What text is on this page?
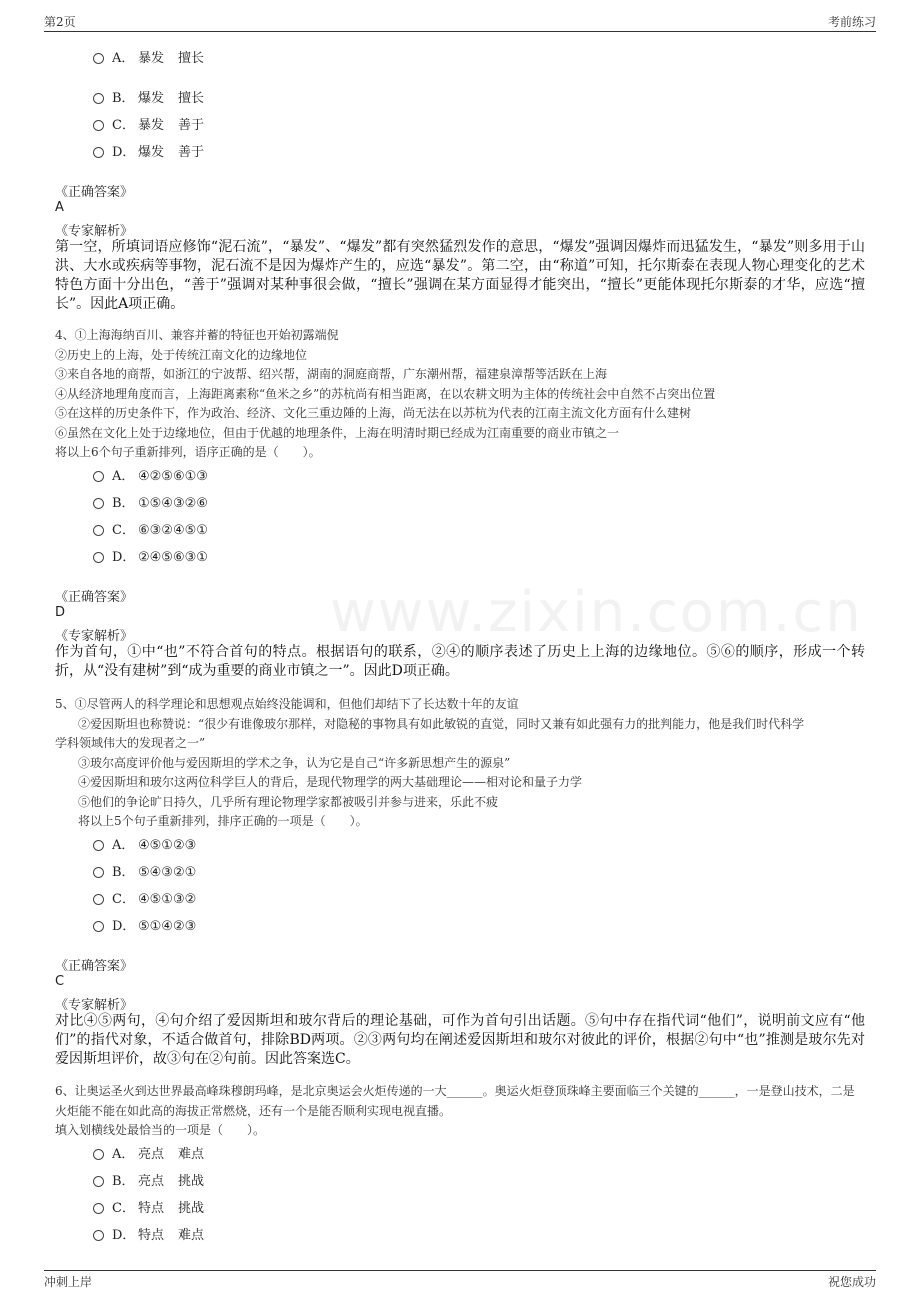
第2页	考前练习
www.zixin.com.cn
A． 暴发 擅长
B． 爆发 擅长
C． 暴发 善于
D． 爆发 善于
《正确答案》
A
《专家解析》
第一空，所填词语应修饰“泥石流”，“暴发”、“爆发”都有突然猛烈发作的意思，“爆发”强调因爆炸而迅猛发生，“暴发”则多用于山洪、大水或疾病等事物，泥石流不是因为爆炸产生的，应选“暴发”。第二空，由“称道”可知，托尔斯泰在表现人物心理变化的艺术特色方面十分出色，“善于”强调对某种事很会做，“擅长”强调在某方面显得才能突出，“擅长”更能体现托尔斯泰的才华，应选“擅长”。因此A项正确。
4、①上海海纳百川、兼容并蓄的特征也开始初露端倪
②历史上的上海，处于传统江南文化的边缘地位
③来自各地的商帮，如浙江的宁波帮、绍兴帮，湖南的洞庭商帮，广东潮州帮，福建泉漳帮等活跃在上海
④从经济地理角度而言，上海距离素称“鱼米之乡”的苏杭尚有相当距离，在以农耕文明为主体的传统社会中自然不占突出位置
⑤在这样的历史条件下，作为政治、经济、文化三重边陲的上海，尚无法在以苏杭为代表的江南主流文化方面有什么建树
⑥虽然在文化上处于边缘地位，但由于优越的地理条件，上海在明清时期已经成为江南重要的商业市镇之一
将以上6个句子重新排列，语序正确的是（　　）。
A． ④②⑤⑥①③
B． ①⑤④③②⑥
C． ⑥③②④⑤①
D． ②④⑤⑥③①
《正确答案》
D
《专家解析》
作为首句，①中“也”不符合首句的特点。根据语句的联系，②④的顺序表述了历史上上海的边缘地位。⑤⑥的顺序，形成一个转折，从“没有建树”到“成为重要的商业市镇之一”。因此D项正确。
5、①尽管两人的科学理论和思想观点始终没能调和，但他们却结下了长达数十年的友谊
②爱因斯坦也称赞说：“很少有谁像玻尔那样，对隐秘的事物具有如此敏锐的直觉，同时又兼有如此强有力的批判能力，他是我们时代科学
学科领域伟大的发现者之一”
③玻尔高度评价他与爱因斯坦的学术之争，认为它是自己“许多新思想产生的源泉”
④爱因斯坦和玻尔这两位科学巨人的背后，是现代物理学的两大基础理论——相对论和量子力学
⑤他们的争论旷日持久，几乎所有理论物理学家都被吸引并参与进来，乐此不疲
将以上5个句子重新排列，排序正确的一项是（　　）。
A． ④⑤①②③
B． ⑤④③②①
C． ④⑤①③②
D． ⑤①④②③
《正确答案》
C
《专家解析》
对比④⑤两句，④句介绍了爱因斯坦和玻尔背后的理论基础，可作为首句引出话题。⑤句中存在指代词“他们”，说明前文应有“他们”的指代对象，不适合做首句，排除BD两项。②③两句均在阐述爱因斯坦和玻尔对彼此的评价，根据②句中“也”推测是玻尔先对爱因斯坦评价，故③句在②句前。因此答案选C。
6、让奥运圣火到达世界最高峰珠穆朗玛峰，是北京奥运会火炬传递的一大______。奥运火炬登顶珠峰主要面临三个关键的______，一是登山技术，二是火炬能不能在如此高的海拔正常燃烧，还有一个是能否顺利实现电视直播。
填入划横线处最恰当的一项是（　　）。
A． 亮点 难点
B． 亮点 挑战
C． 特点 挑战
D． 特点 难点
冲刺上岸	祝您成功
